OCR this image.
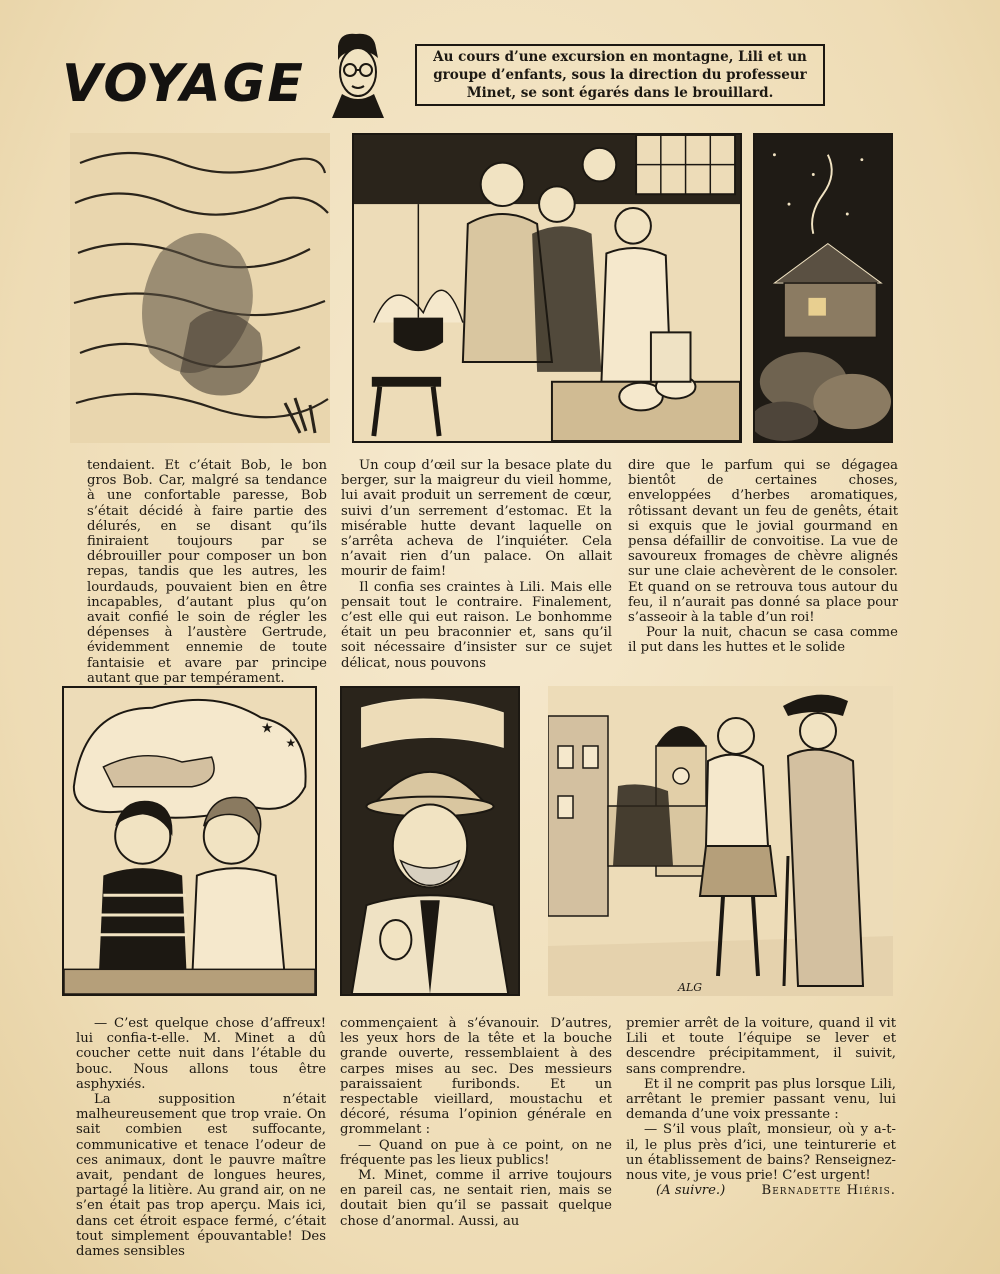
VOYAGE	Au cours d’une excursion en montagne, Lili et un groupe d’enfants, sous la direction du professeur Minet, se sont égarés dans le brouillard.

tendaient. Et c’était Bob, le bon gros Bob. Car, malgré sa tendance à une confortable paresse, Bob s’était décidé à faire partie des délurés, en se disant qu’ils finiraient toujours par se débrouiller pour composer un bon repas, tandis que les autres, les lourdauds, pouvaient bien en être incapables, d’autant plus qu’on avait confié le soin de régler les dépenses à l’austère Gertrude, évidemment ennemie de toute fantaisie et avare par principe autant que par tempérament.

Un coup d’œil sur la besace plate du berger, sur la maigreur du vieil homme, lui avait produit un serrement de cœur, suivi d’un serrement d’estomac. Et la misérable hutte devant laquelle on s’arrêta acheva de l’inquiéter. Cela n’avait rien d’un palace. On allait mourir de faim!

Il confia ses craintes à Lili. Mais elle pensait tout le contraire. Finalement, c’est elle qui eut raison. Le bonhomme était un peu braconnier et, sans qu’il soit nécessaire d’insister sur ce sujet délicat, nous pouvons

dire que le parfum qui se dégagea bientôt de certaines choses, enveloppées d’herbes aromatiques, rôtissant devant un feu de genêts, était si exquis que le jovial gourmand en pensa défaillir de convoitise. La vue de savoureux fromages de chèvre alignés sur une claie achevèrent de le consoler. Et quand on se retrouva tous autour du feu, il n’aurait pas donné sa place pour s’asseoir à la table d’un roi!

Pour la nuit, chacun se casa comme il put dans les huttes et le solide

★
★
ALG

— C’est quelque chose d’affreux! lui confia-t-elle. M. Minet a dû coucher cette nuit dans l’étable du bouc. Nous allons tous être asphyxiés.

La supposition n’était malheureusement que trop vraie. On sait combien est suffocante, communicative et tenace l’odeur de ces animaux, dont le pauvre maître avait, pendant de longues heures, partagé la litière. Au grand air, on ne s’en était pas trop aperçu. Mais ici, dans cet étroit espace fermé, c’était tout simplement épouvantable! Des dames sensibles

commençaient à s’évanouir. D’autres, les yeux hors de la tête et la bouche grande ouverte, ressemblaient à des carpes mises au sec. Des messieurs paraissaient furibonds. Et un respectable vieillard, moustachu et décoré, résuma l’opinion générale en grommelant :

— Quand on pue à ce point, on ne fréquente pas les lieux publics!

M. Minet, comme il arrive toujours en pareil cas, ne sentait rien, mais se doutait bien qu’il se passait quelque chose d’anormal. Aussi, au

premier arrêt de la voiture, quand il vit Lili et toute l’équipe se lever et descendre précipitamment, il suivit, sans comprendre.

Et il ne comprit pas plus lorsque Lili, arrêtant le premier passant venu, lui demanda d’une voix pressante :

— S’il vous plaît, monsieur, où y a-t-il, le plus près d’ici, une teinturerie et un établissement de bains? Renseignez-nous vite, je vous prie! C’est urgent!

(A suivre.)	Bernadette Hiéris.
